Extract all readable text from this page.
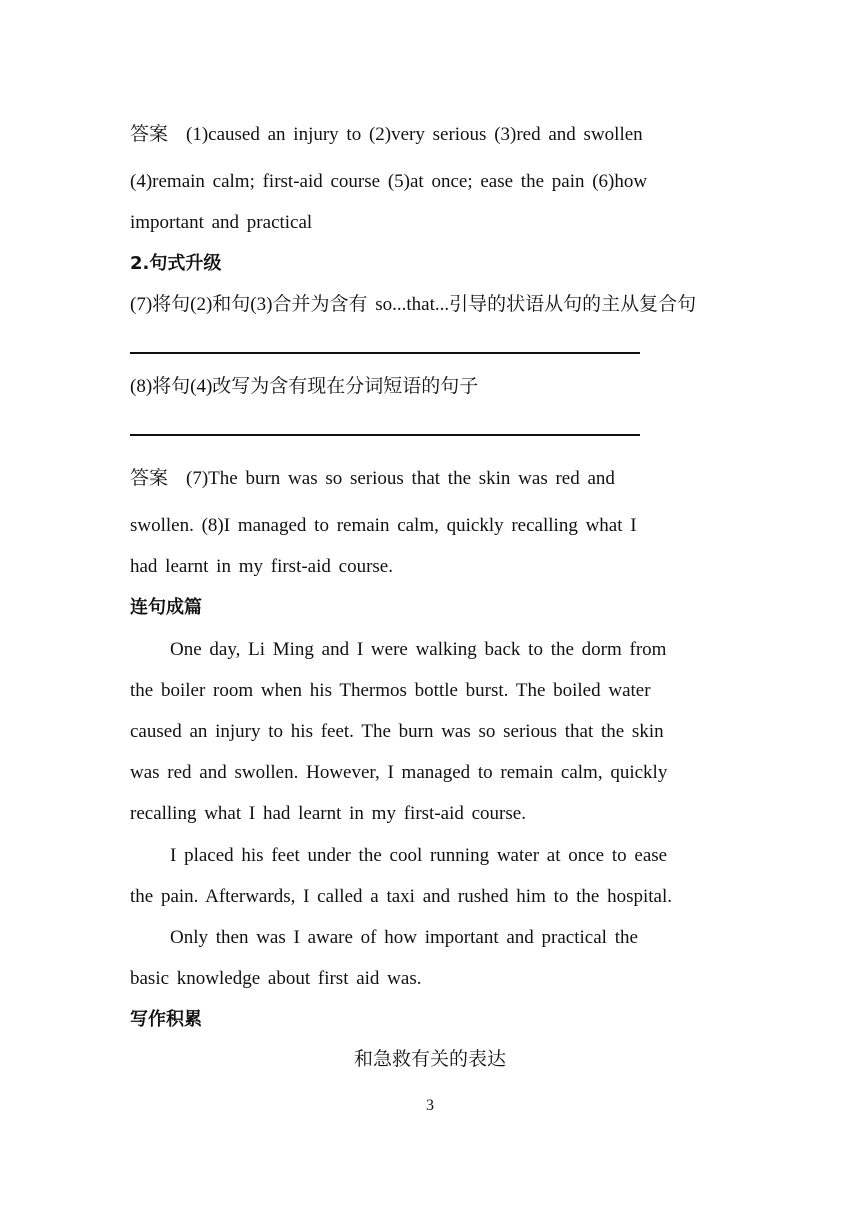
答案 (1)caused an injury to (2)very serious (3)red and swollen
(4)remain calm; first-aid course (5)at once; ease the pain (6)how
important and practical
2.句式升级
(7)将句(2)和句(3)合并为含有 so...that...引导的状语从句的主从复合句
(8)将句(4)改写为含有现在分词短语的句子
答案 (7)The burn was so serious that the skin was red and
swollen. (8)I managed to remain calm, quickly recalling what I
had learnt in my first-aid course.
连句成篇
One day, Li Ming and I were walking back to the dorm from
the boiler room when his Thermos bottle burst. The boiled water
caused an injury to his feet. The burn was so serious that the skin
was red and swollen. However, I managed to remain calm, quickly
recalling what I had learnt in my first-aid course.
I placed his feet under the cool running water at once to ease
the pain. Afterwards, I called a taxi and rushed him to the hospital.
Only then was I aware of how important and practical the
basic knowledge about first aid was.
写作积累
和急救有关的表达
3
